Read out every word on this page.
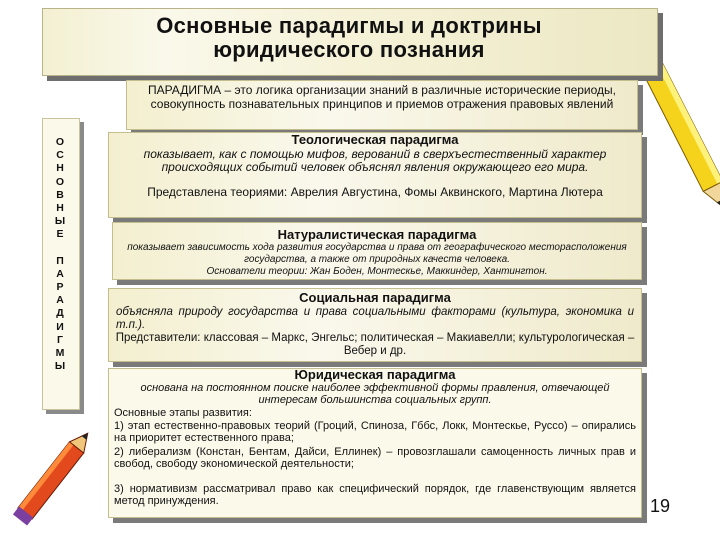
Основные парадигмы и доктрины
юридического познания
О
С
Н
О
В
Н
Ы
Е
П
А
Р
А
Д
И
Г
М
Ы
ПАРАДИГМА – это логика организации знаний в различные исторические периоды, совокупность познавательных принципов и приемов отражения правовых явлений
Теологическая парадигма
показывает, как с помощью мифов, верований в сверхъестественный характер происходящих событий человек объяснял явления окружающего его мира.
Представлена теориями: Аврелия Августина, Фомы Аквинского, Мартина Лютера
Натуралистическая парадигма
показывает зависимость хода развития государства и права от географического месторасположения государства, а также от природных качеств человека.
Основатели теории: Жан Боден, Монтескье, Маккиндер, Хантингтон.
Социальная парадигма
объясняла природу государства и права социальными факторами (культура, экономика и т.п.).
Представители: классовая – Маркс, Энгельс; политическая – Макиавелли; культурологическая – Вебер и др.
Юридическая парадигма
основана на постоянном поиске наиболее эффективной формы правления, отвечающей интересам большинства социальных групп.
Основные этапы развития:
1) этап естественно-правовых теорий (Гроций, Спиноза, Гббс, Локк, Монтескье, Руссо) – опирались на приоритет естественного права;
2) либерализм (Констан, Бентам, Дайси, Еллинек) – провозглашали самоценность личных прав и свобод, свободу экономической деятельности;
3) нормативизм рассматривал право как специфический порядок, где главенствующим является метод принуждения.	19
